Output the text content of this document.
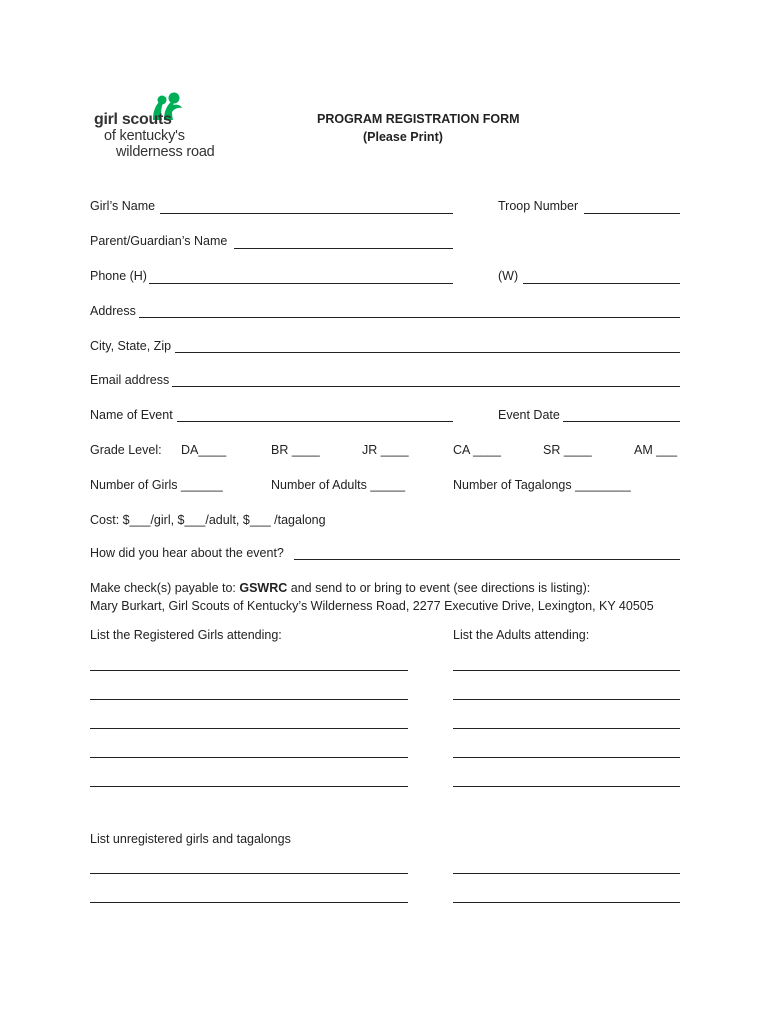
girl scouts
of kentucky's
wilderness road
PROGRAM REGISTRATION FORM
(Please Print)
Girl’s Name	Troop Number
Parent/Guardian’s Name
Phone (H)	(W)
Address
City, State, Zip
Email address
Name of Event	Event Date
Grade Level: DA____	BR ____	JR ____	CA ____	SR ____	AM ___
Number of Girls ______	Number of Adults _____	Number of Tagalongs ________
Cost: $___/girl, $___/adult, $___ /tagalong
How did you hear about the event?
Make check(s) payable to: GSWRC and send to or bring to event (see directions is listing):
Mary Burkart, Girl Scouts of Kentucky’s Wilderness Road, 2277 Executive Drive, Lexington, KY 40505
List the Registered Girls attending:	List the Adults attending:
List unregistered girls and tagalongs
